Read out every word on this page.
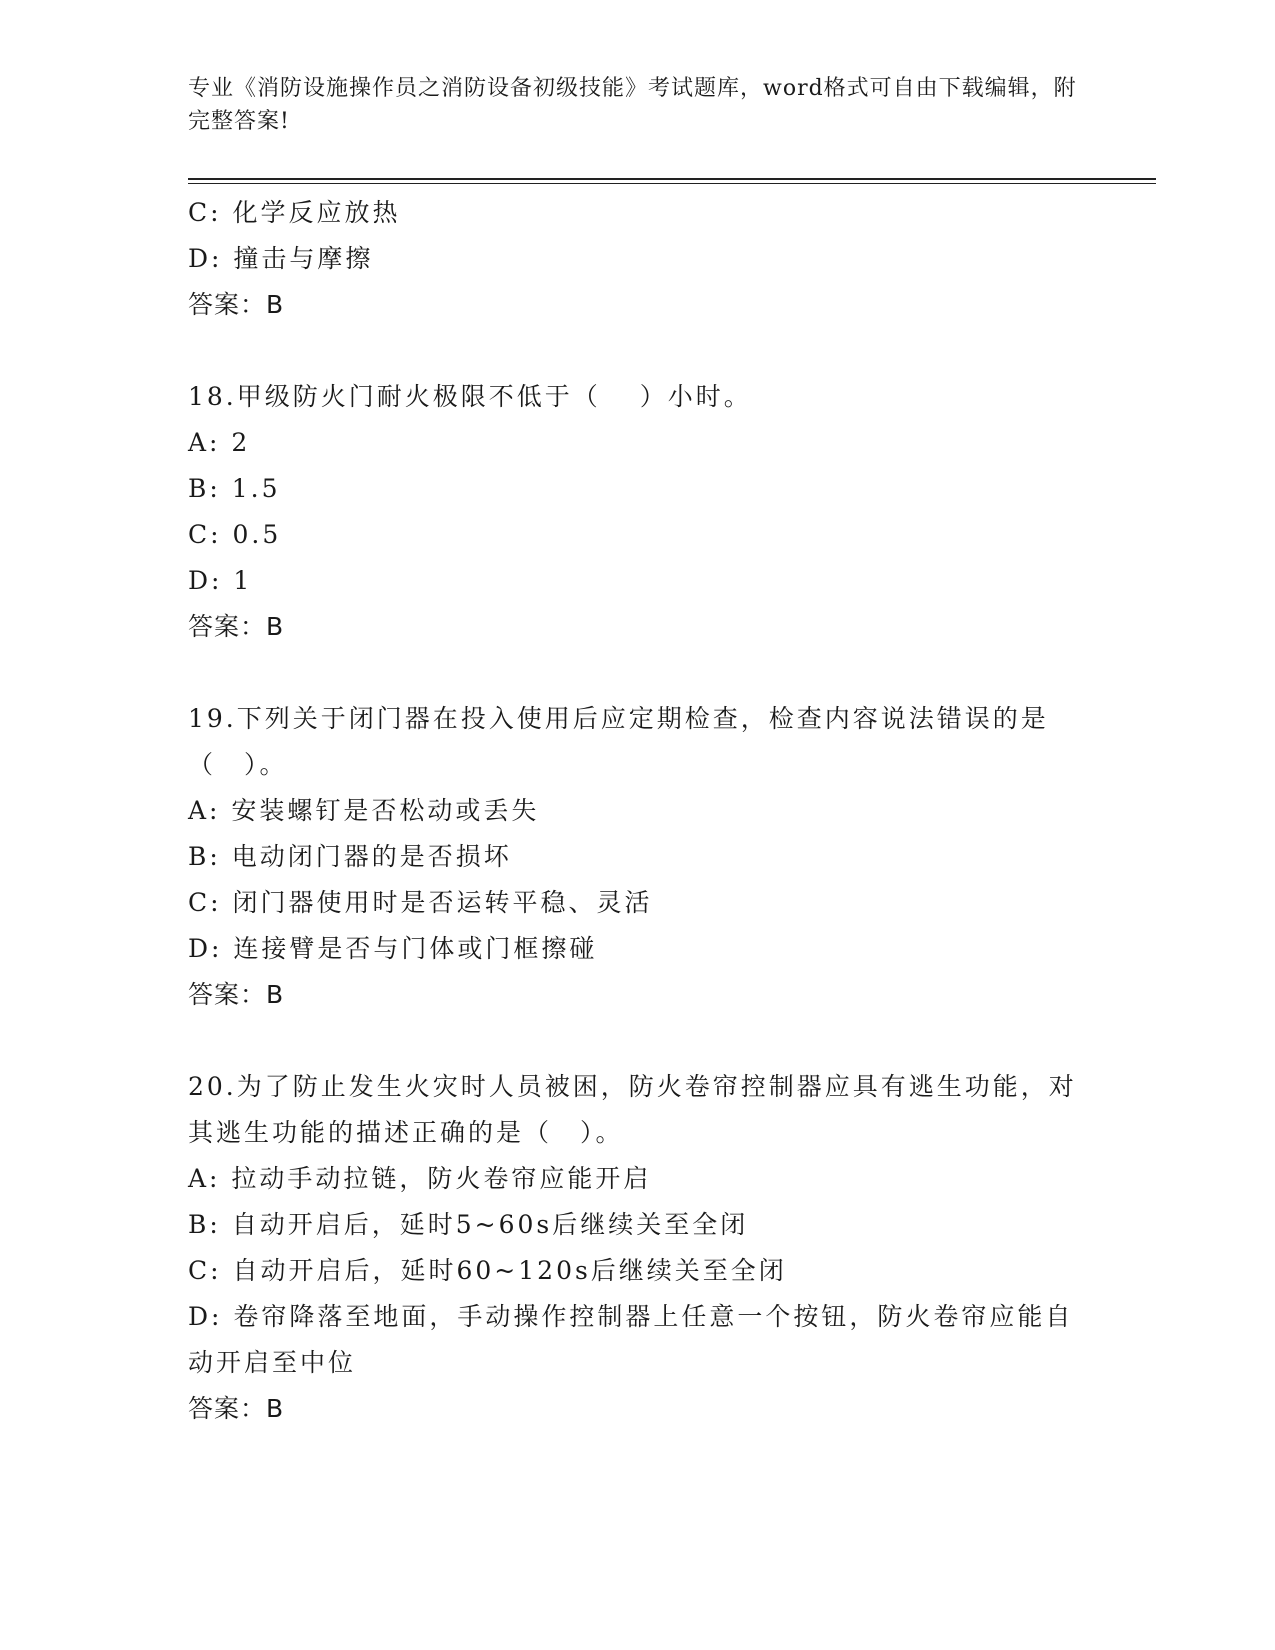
专业《消防设施操作员之消防设备初级技能》考试题库，word格式可自由下载编辑，附完整答案!
C: 化学反应放热
D: 撞击与摩擦
答案：B
18.甲级防火门耐火极限不低于（　 ）小时。
A: 2
B: 1.5
C: 0.5
D: 1
答案：B
19.下列关于闭门器在投入使用后应定期检查，检查内容说法错误的是（　）。
A: 安装螺钉是否松动或丢失
B: 电动闭门器的是否损坏
C: 闭门器使用时是否运转平稳、灵活
D: 连接臂是否与门体或门框擦碰
答案：B
20.为了防止发生火灾时人员被困，防火卷帘控制器应具有逃生功能，对其逃生功能的描述正确的是（　）。
A: 拉动手动拉链，防火卷帘应能开启
B: 自动开启后，延时5~60s后继续关至全闭
C: 自动开启后，延时60~120s后继续关至全闭
D: 卷帘降落至地面，手动操作控制器上任意一个按钮，防火卷帘应能自动开启至中位
答案：B
